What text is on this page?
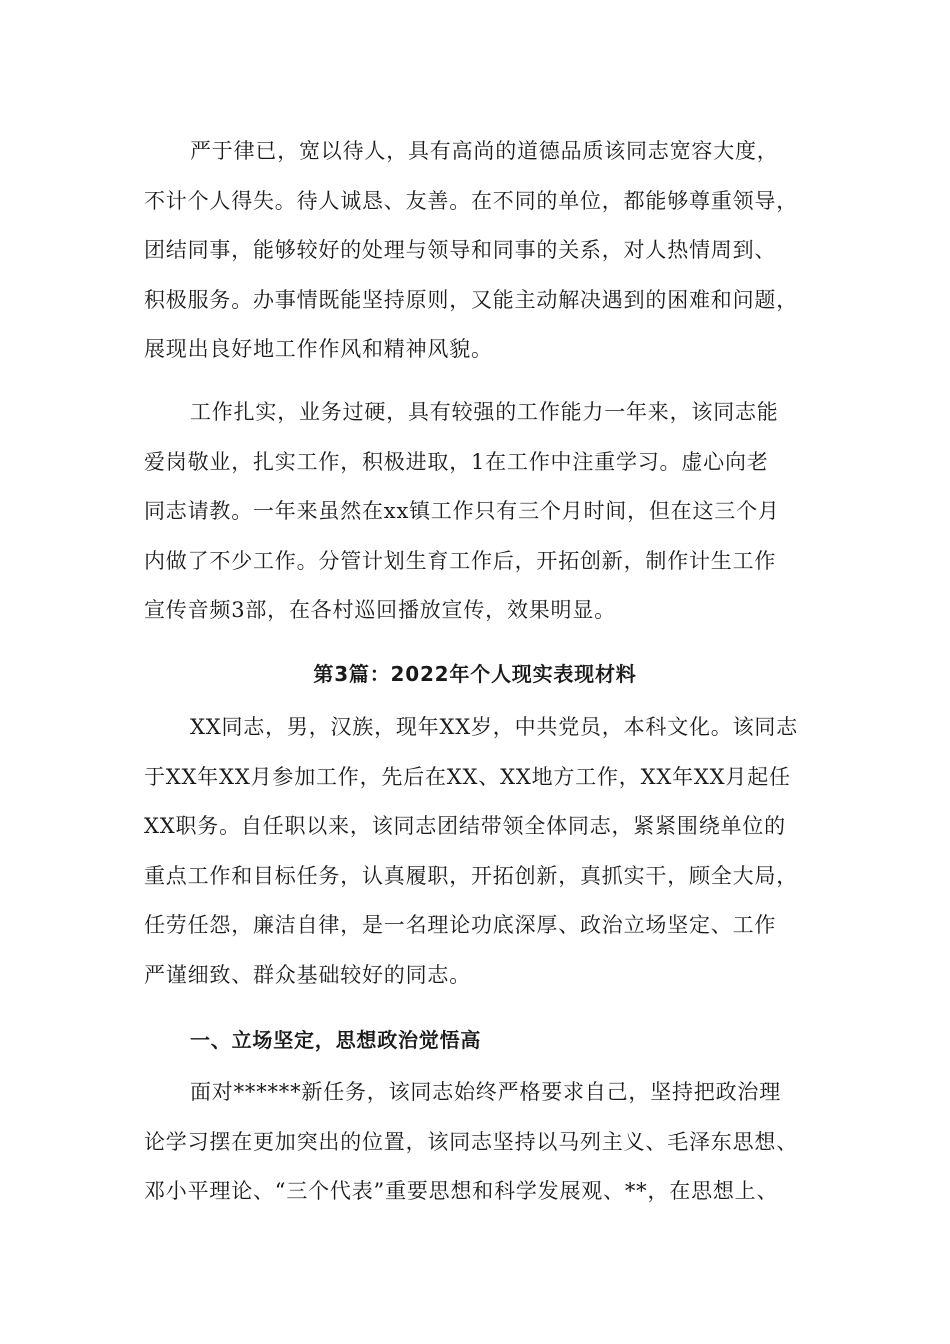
严于律已，宽以待人，具有高尚的道德品质该同志宽容大度，
不计个人得失。待人诚恳、友善。在不同的单位，都能够尊重领导，
团结同事，能够较好的处理与领导和同事的关系，对人热情周到、
积极服务。办事情既能坚持原则，又能主动解决遇到的困难和问题，
展现出良好地工作作风和精神风貌。
工作扎实，业务过硬，具有较强的工作能力一年来，该同志能
爱岗敬业，扎实工作，积极进取，1在工作中注重学习。虚心向老
同志请教。一年来虽然在xx镇工作只有三个月时间，但在这三个月
内做了不少工作。分管计划生育工作后，开拓创新，制作计生工作
宣传音频3部，在各村巡回播放宣传，效果明显。
第3篇：2022年个人现实表现材料
XX同志，男，汉族，现年XX岁，中共党员，本科文化。该同志
于XX年XX月参加工作，先后在XX、XX地方工作，XX年XX月起任
XX职务。自任职以来，该同志团结带领全体同志，紧紧围绕单位的
重点工作和目标任务，认真履职，开拓创新，真抓实干，顾全大局，
任劳任怨，廉洁自律，是一名理论功底深厚、政治立场坚定、工作
严谨细致、群众基础较好的同志。
一、立场坚定，思想政治觉悟高
面对******新任务，该同志始终严格要求自己，坚持把政治理
论学习摆在更加突出的位置，该同志坚持以马列主义、毛泽东思想、
邓小平理论、“三个代表”重要思想和科学发展观、**，在思想上、
